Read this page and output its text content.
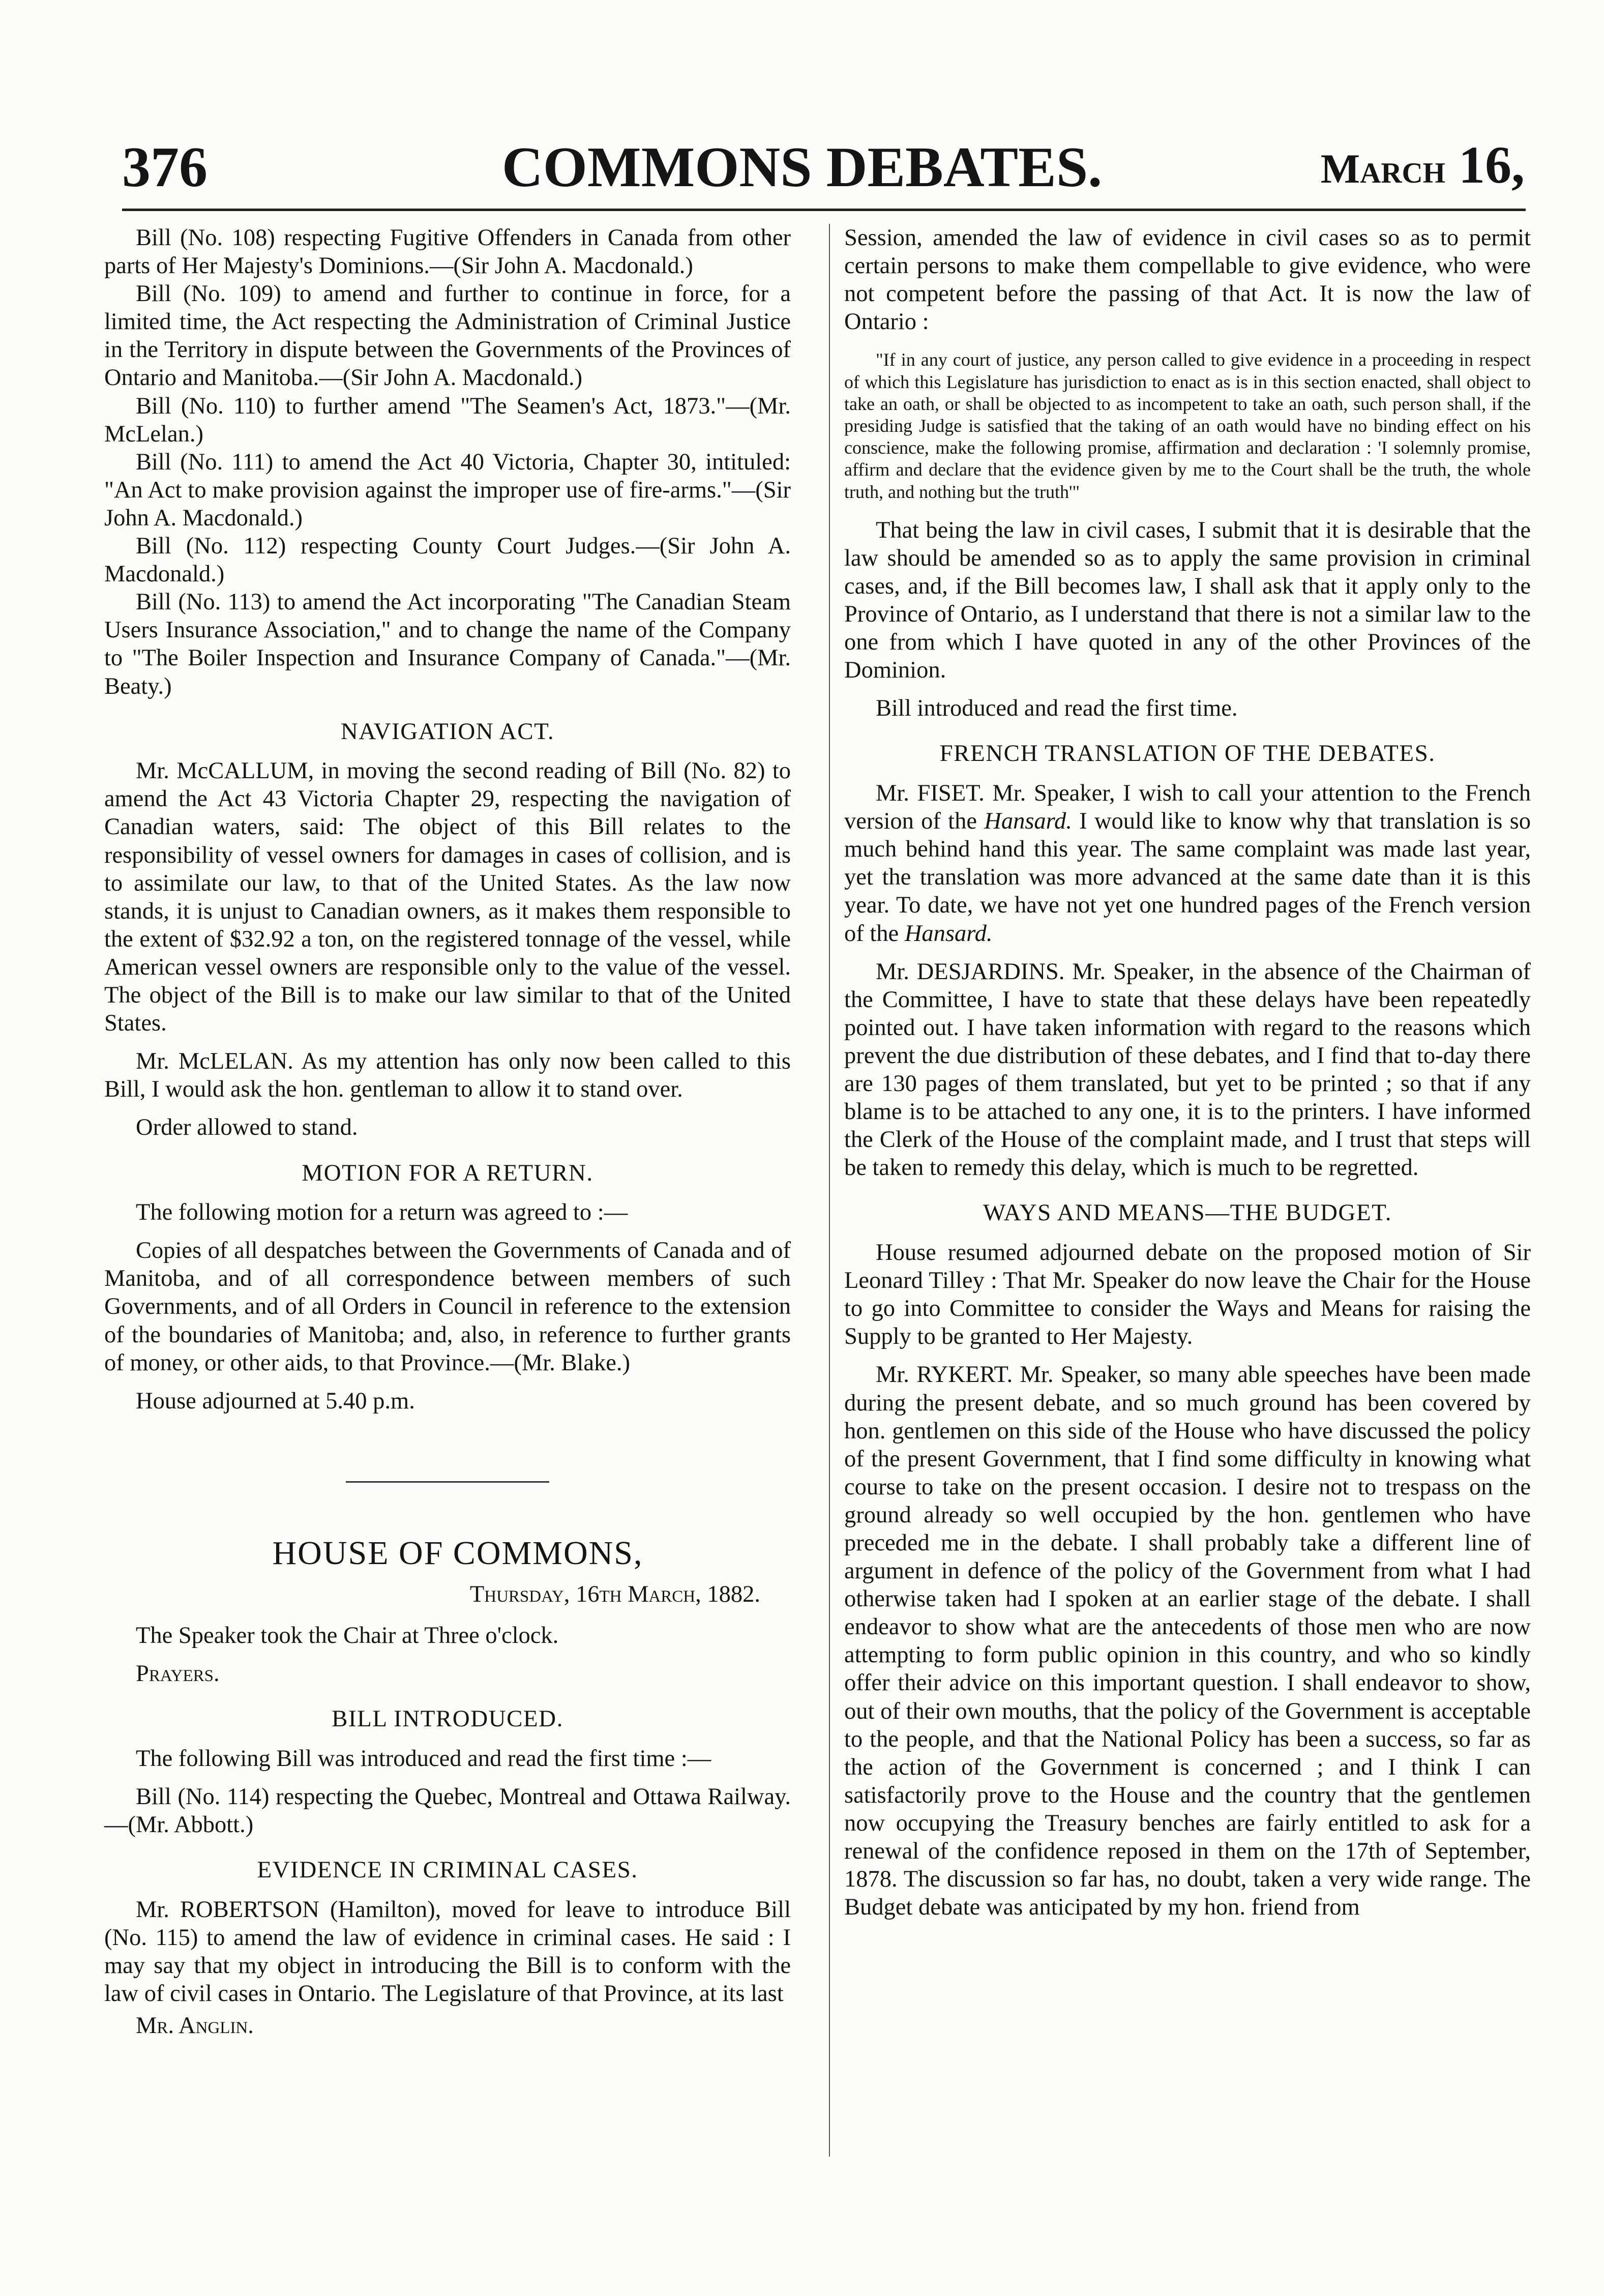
376	COMMONS DEBATES.	March 16,

Bill (No. 108) respecting Fugitive Offenders in Canada from other parts of Her Majesty's Dominions.—(Sir John A. Macdonald.)

Bill (No. 109) to amend and further to continue in force, for a limited time, the Act respecting the Administration of Criminal Justice in the Territory in dispute between the Governments of the Provinces of Ontario and Manitoba.—(Sir John A. Macdonald.)

Bill (No. 110) to further amend "The Seamen's Act, 1873."—(Mr. McLelan.)

Bill (No. 111) to amend the Act 40 Victoria, Chapter 30, intituled: "An Act to make provision against the improper use of fire-arms."—(Sir John A. Macdonald.)

Bill (No. 112) respecting County Court Judges.—(Sir John A. Macdonald.)

Bill (No. 113) to amend the Act incorporating "The Canadian Steam Users Insurance Association," and to change the name of the Company to "The Boiler Inspection and Insurance Company of Canada."—(Mr. Beaty.)

NAVIGATION ACT.

Mr. McCALLUM, in moving the second reading of Bill (No. 82) to amend the Act 43 Victoria Chapter 29, respecting the navigation of Canadian waters, said: The object of this Bill relates to the responsibility of vessel owners for damages in cases of collision, and is to assimilate our law, to that of the United States. As the law now stands, it is unjust to Canadian owners, as it makes them responsible to the extent of $32.92 a ton, on the registered tonnage of the vessel, while American vessel owners are responsible only to the value of the vessel. The object of the Bill is to make our law similar to that of the United States.

Mr. McLELAN. As my attention has only now been called to this Bill, I would ask the hon. gentleman to allow it to stand over.

Order allowed to stand.

MOTION FOR A RETURN.

The following motion for a return was agreed to :—

Copies of all despatches between the Governments of Canada and of Manitoba, and of all correspondence between members of such Governments, and of all Orders in Council in reference to the extension of the boundaries of Manitoba; and, also, in reference to further grants of money, or other aids, to that Province.—(Mr. Blake.)

House adjourned at 5.40 p.m.

HOUSE OF COMMONS,
Thursday, 16th March, 1882.

The Speaker took the Chair at Three o'clock.

Prayers.

BILL INTRODUCED.

The following Bill was introduced and read the first time :—

Bill (No. 114) respecting the Quebec, Montreal and Ottawa Railway.—(Mr. Abbott.)

EVIDENCE IN CRIMINAL CASES.

Mr. ROBERTSON (Hamilton), moved for leave to introduce Bill (No. 115) to amend the law of evidence in criminal cases. He said : I may say that my object in introducing the Bill is to conform with the law of civil cases in Ontario. The Legislature of that Province, at its last

Mr. Anglin.

Session, amended the law of evidence in civil cases so as to permit certain persons to make them compellable to give evidence, who were not competent before the passing of that Act. It is now the law of Ontario :

"If in any court of justice, any person called to give evidence in a proceeding in respect of which this Legislature has jurisdiction to enact as is in this section enacted, shall object to take an oath, or shall be objected to as incompetent to take an oath, such person shall, if the presiding Judge is satisfied that the taking of an oath would have no binding effect on his conscience, make the following promise, affirmation and declaration : 'I solemnly promise, affirm and declare that the evidence given by me to the Court shall be the truth, the whole truth, and nothing but the truth'"

That being the law in civil cases, I submit that it is desirable that the law should be amended so as to apply the same provision in criminal cases, and, if the Bill becomes law, I shall ask that it apply only to the Province of Ontario, as I understand that there is not a similar law to the one from which I have quoted in any of the other Provinces of the Dominion.

Bill introduced and read the first time.

FRENCH TRANSLATION OF THE DEBATES.

Mr. FISET. Mr. Speaker, I wish to call your attention to the French version of the Hansard. I would like to know why that translation is so much behind hand this year. The same complaint was made last year, yet the translation was more advanced at the same date than it is this year. To date, we have not yet one hundred pages of the French version of the Hansard.

Mr. DESJARDINS. Mr. Speaker, in the absence of the Chairman of the Committee, I have to state that these delays have been repeatedly pointed out. I have taken information with regard to the reasons which prevent the due distribution of these debates, and I find that to-day there are 130 pages of them translated, but yet to be printed ; so that if any blame is to be attached to any one, it is to the printers. I have informed the Clerk of the House of the complaint made, and I trust that steps will be taken to remedy this delay, which is much to be regretted.

WAYS AND MEANS—THE BUDGET.

House resumed adjourned debate on the proposed motion of Sir Leonard Tilley : That Mr. Speaker do now leave the Chair for the House to go into Committee to consider the Ways and Means for raising the Supply to be granted to Her Majesty.

Mr. RYKERT. Mr. Speaker, so many able speeches have been made during the present debate, and so much ground has been covered by hon. gentlemen on this side of the House who have discussed the policy of the present Government, that I find some difficulty in knowing what course to take on the present occasion. I desire not to trespass on the ground already so well occupied by the hon. gentlemen who have preceded me in the debate. I shall probably take a different line of argument in defence of the policy of the Government from what I had otherwise taken had I spoken at an earlier stage of the debate. I shall endeavor to show what are the antecedents of those men who are now attempting to form public opinion in this country, and who so kindly offer their advice on this important question. I shall endeavor to show, out of their own mouths, that the policy of the Government is acceptable to the people, and that the National Policy has been a success, so far as the action of the Government is concerned ; and I think I can satisfactorily prove to the House and the country that the gentlemen now occupying the Treasury benches are fairly entitled to ask for a renewal of the confidence reposed in them on the 17th of September, 1878. The discussion so far has, no doubt, taken a very wide range. The Budget debate was anticipated by my hon. friend from
